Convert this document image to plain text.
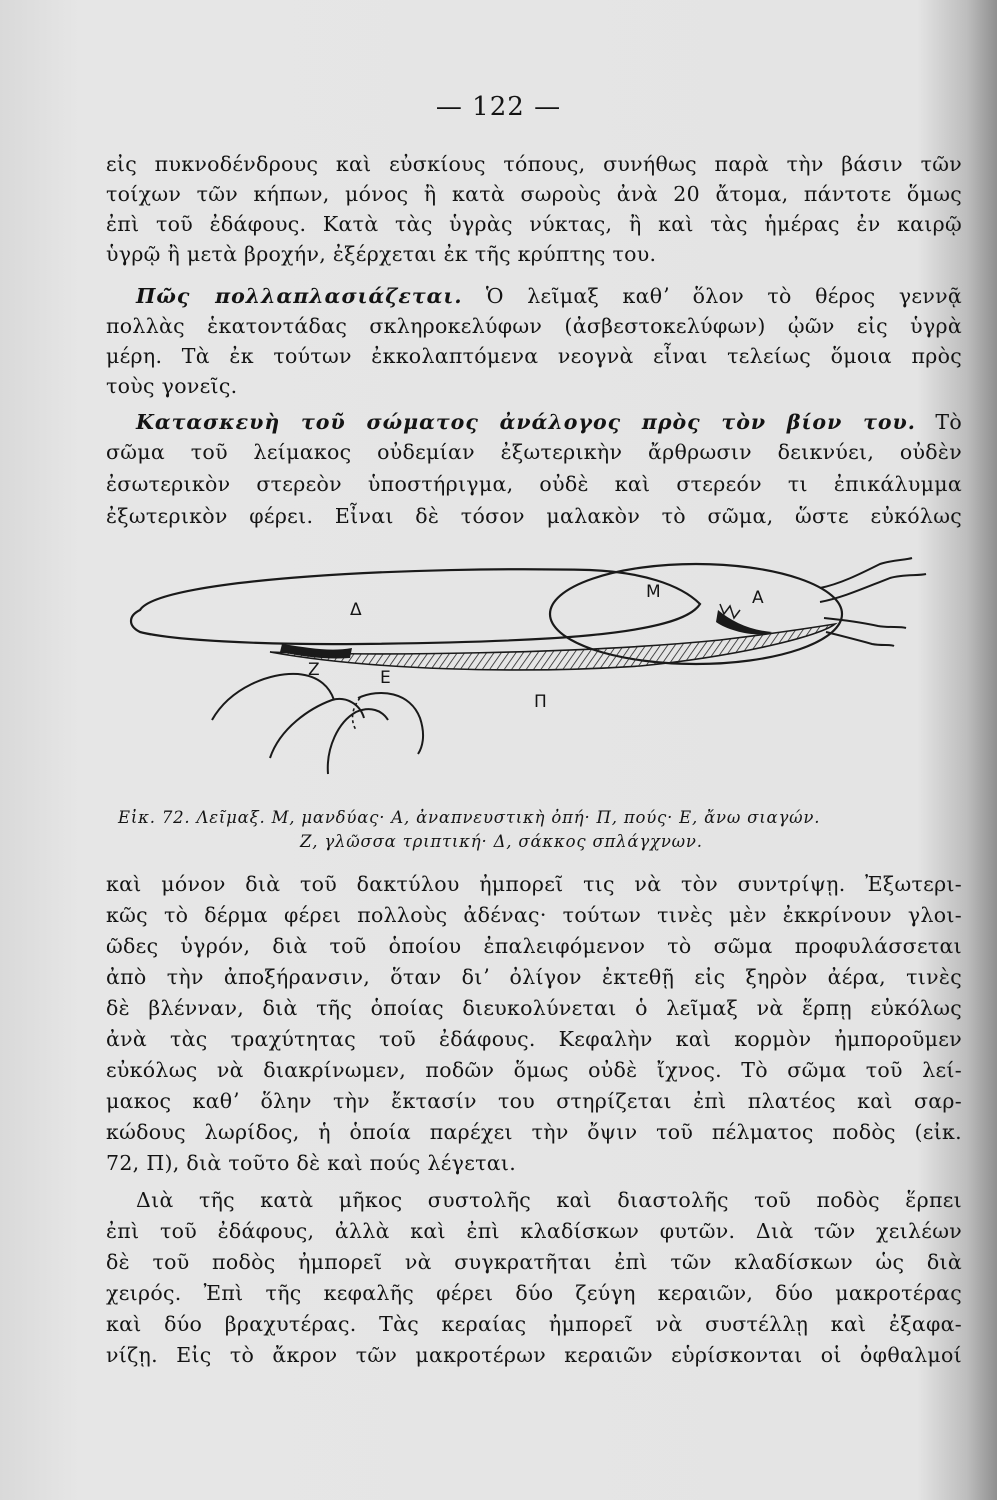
— 122 —
εἰς πυκνοδένδρους καὶ εὐσκίους τόπους, συνήθως παρὰ τὴν βάσιν τῶν
τοίχων τῶν κήπων, μόνος ἢ κατὰ σωροὺς ἀνὰ 20 ἄτομα, πάντοτε ὅμως
ἐπὶ τοῦ ἐδάφους. Κατὰ τὰς ὑγρὰς νύκτας, ἢ καὶ τὰς ἡμέρας ἐν καιρῷ
ὑγρῷ ἢ μετὰ βροχήν, ἐξέρχεται ἐκ τῆς κρύπτης του.
Πῶς πολλαπλασιάζεται. Ὁ λεῖμαξ καθʼ ὅλον τὸ θέρος γεννᾷ
πολλὰς ἑκατοντάδας σκληροκελύφων (ἀσβεστοκελύφων) ᾠῶν εἰς ὑγρὰ
μέρη. Τὰ ἐκ τούτων ἐκκολαπτόμενα νεογνὰ εἶναι τελείως ὅμοια πρὸς
τοὺς γονεῖς.
Κατασκευὴ τοῦ σώματος ἀνάλογος πρὸς τὸν βίον του. Τὸ
σῶμα τοῦ λείμακος οὐδεμίαν ἐξωτερικὴν ἄρθρωσιν δεικνύει, οὐδὲν
ἐσωτερικὸν στερεὸν ὑποστήριγμα, οὐδὲ καὶ στερεόν τι ἐπικάλυμμα
ἐξωτερικὸν φέρει. Εἶναι δὲ τόσον μαλακὸν τὸ σῶμα, ὥστε εὐκόλως
Δ
Μ	Α
Ζ	Ε
Π
Εἰκ. 72. Λεῖμαξ. Μ, μανδύας· Α, ἀναπνευστικὴ ὀπή· Π, πούς· Ε, ἄνω σιαγών.
Ζ, γλῶσσα τριπτική· Δ, σάκκος σπλάγχνων.
καὶ μόνον διὰ τοῦ δακτύλου ἠμπορεῖ τις νὰ τὸν συντρίψῃ. Ἐξωτερι-
κῶς τὸ δέρμα φέρει πολλοὺς ἀδένας· τούτων τινὲς μὲν ἐκκρίνουν γλοι-
ῶδες ὑγρόν, διὰ τοῦ ὁποίου ἐπαλειφόμενον τὸ σῶμα προφυλάσσεται
ἀπὸ τὴν ἀποξήρανσιν, ὅταν διʼ ὀλίγον ἐκτεθῇ εἰς ξηρὸν ἀέρα, τινὲς
δὲ βλένναν, διὰ τῆς ὁποίας διευκολύνεται ὁ λεῖμαξ νὰ ἕρπῃ εὐκόλως
ἀνὰ τὰς τραχύτητας τοῦ ἐδάφους. Κεφαλὴν καὶ κορμὸν ἠμποροῦμεν
εὐκόλως νὰ διακρίνωμεν, ποδῶν ὅμως οὐδὲ ἴχνος. Τὸ σῶμα τοῦ λεί-
μακος καθʼ ὅλην τὴν ἔκτασίν του στηρίζεται ἐπὶ πλατέος καὶ σαρ-
κώδους λωρίδος, ἡ ὁποία παρέχει τὴν ὄψιν τοῦ πέλματος ποδὸς (εἰκ.
72, Π), διὰ τοῦτο δὲ καὶ πούς λέγεται.
Διὰ τῆς κατὰ μῆκος συστολῆς καὶ διαστολῆς τοῦ ποδὸς ἕρπει
ἐπὶ τοῦ ἐδάφους, ἀλλὰ καὶ ἐπὶ κλαδίσκων φυτῶν. Διὰ τῶν χειλέων
δὲ τοῦ ποδὸς ἠμπορεῖ νὰ συγκρατῆται ἐπὶ τῶν κλαδίσκων ὡς διὰ
χειρός. Ἐπὶ τῆς κεφαλῆς φέρει δύο ζεύγη κεραιῶν, δύο μακροτέρας
καὶ δύο βραχυτέρας. Τὰς κεραίας ἠμπορεῖ νὰ συστέλλῃ καὶ ἐξαφα-
νίζῃ. Εἰς τὸ ἄκρον τῶν μακροτέρων κεραιῶν εὑρίσκονται οἱ ὀφθαλμοί
